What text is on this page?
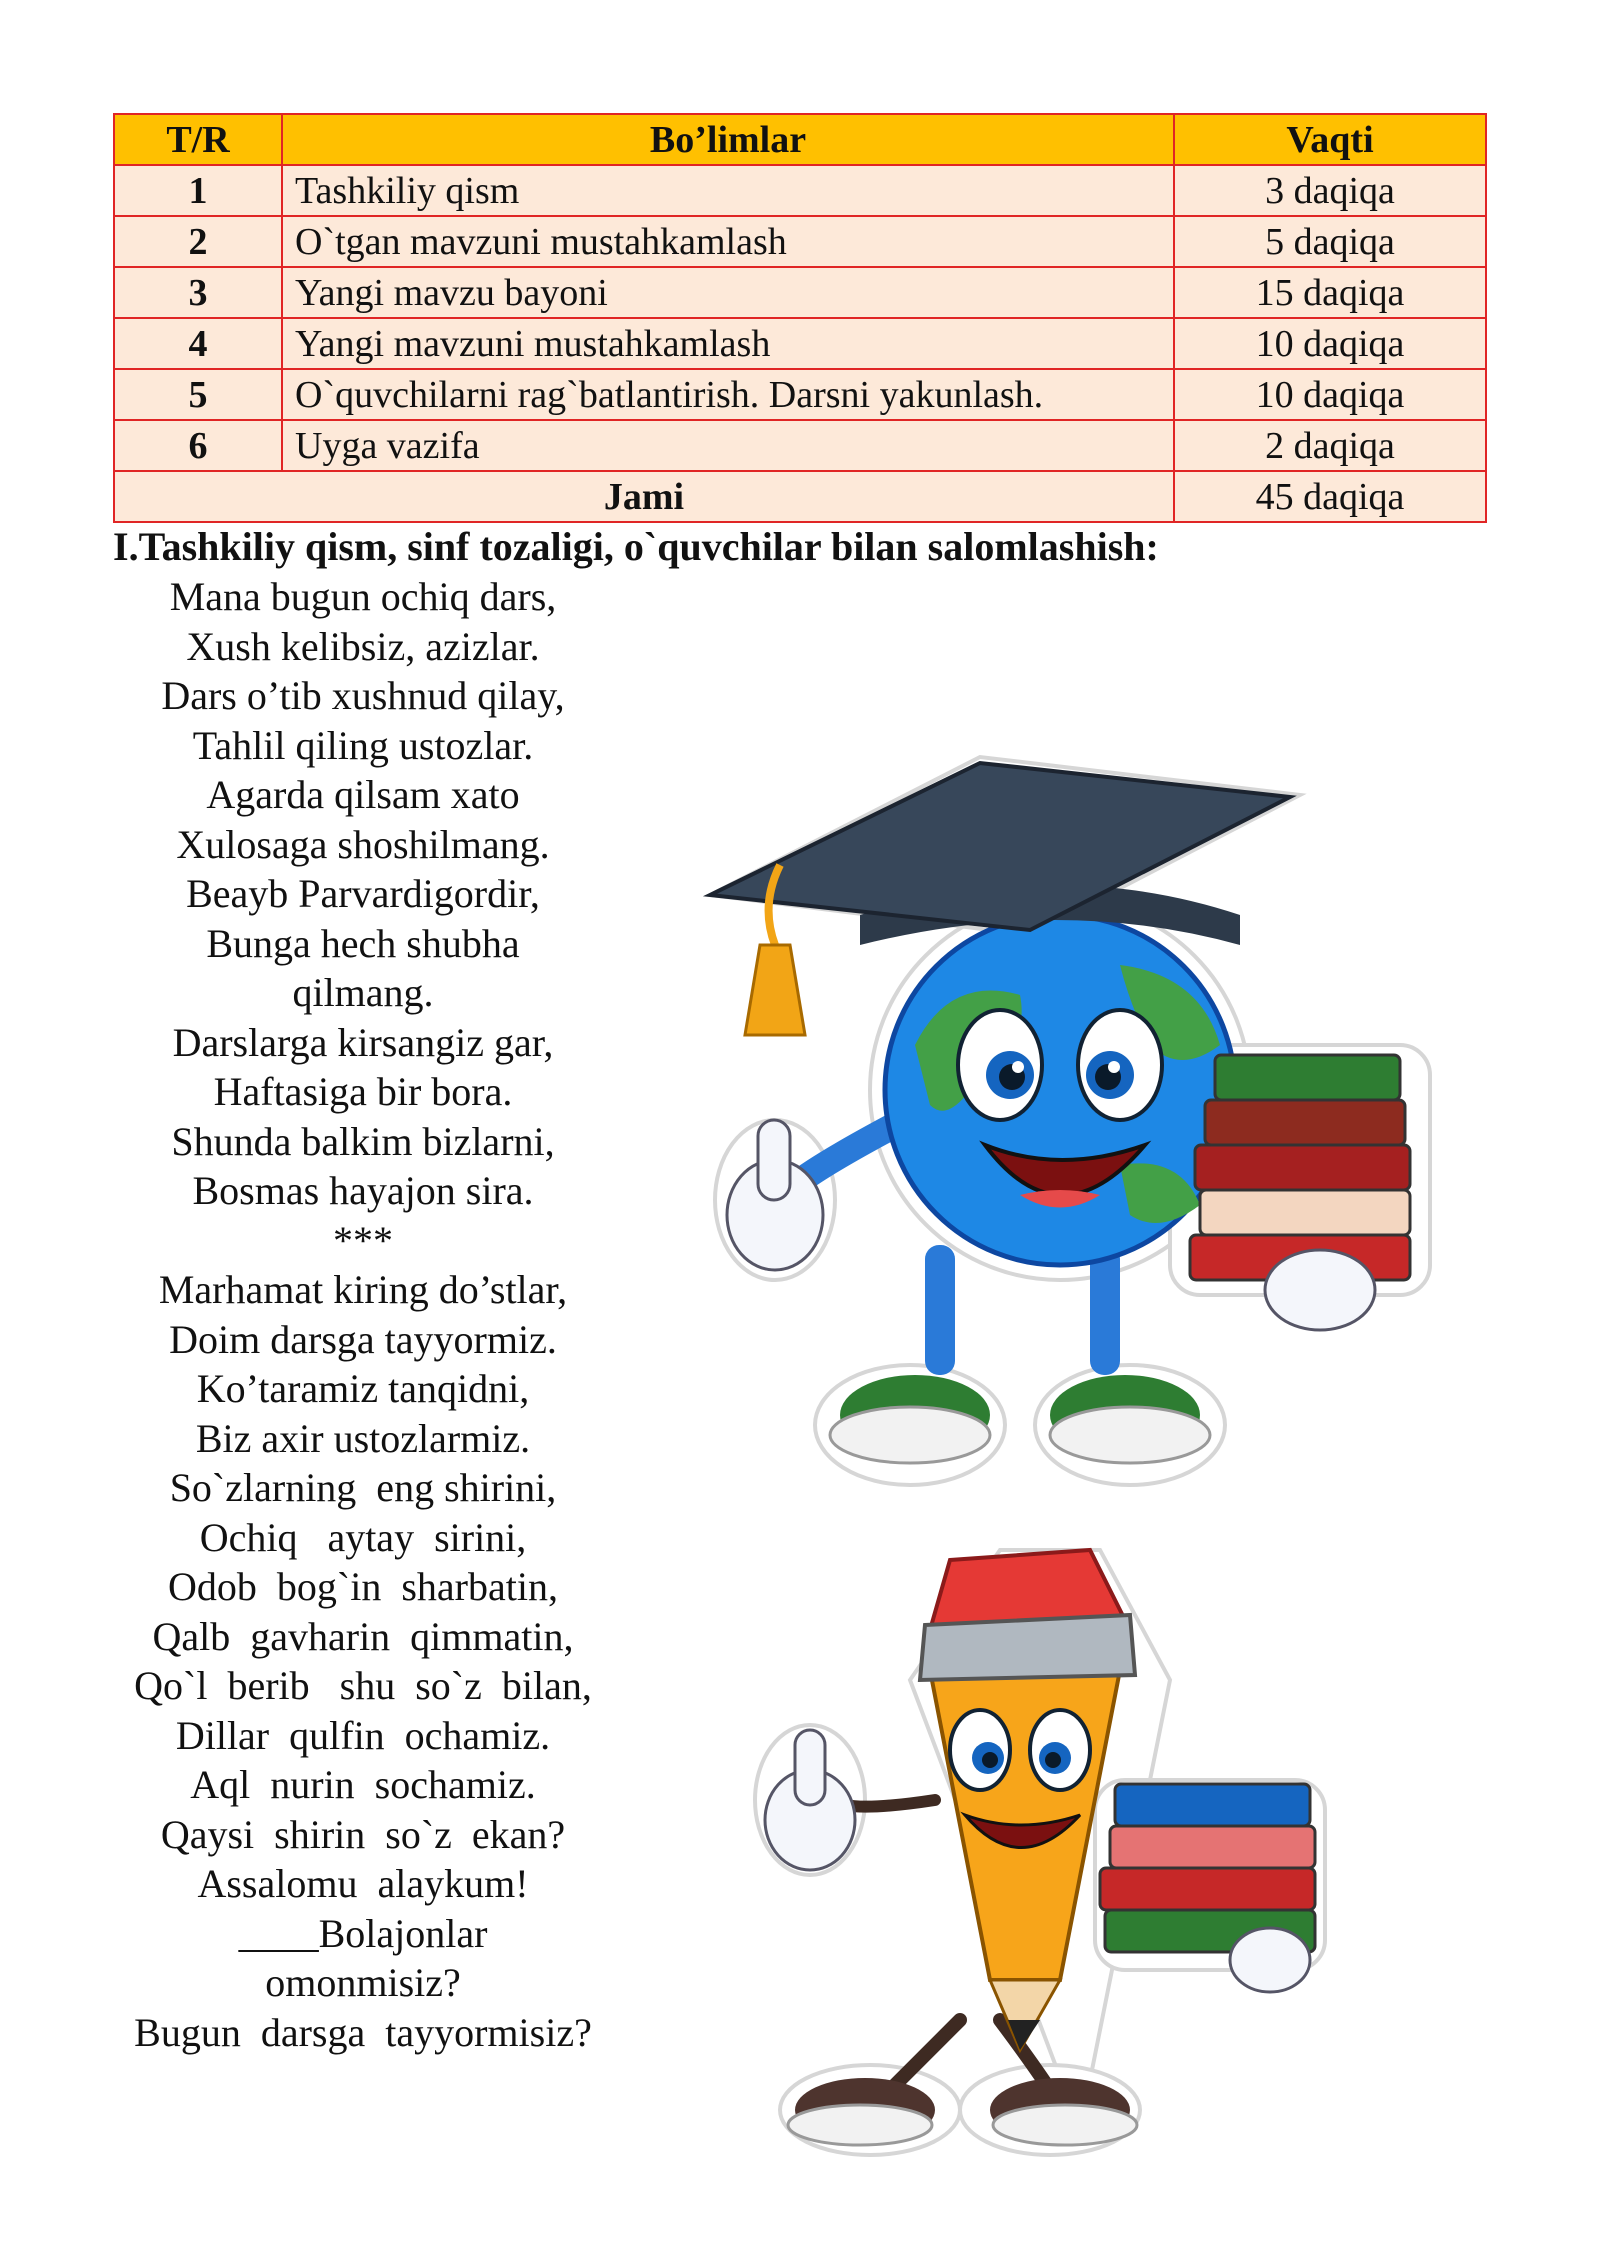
T/R	Bo’limlar	Vaqti
1	Tashkiliy qism	3 daqiqa
2	O`tgan mavzuni mustahkamlash	5 daqiqa
3	Yangi mavzu bayoni	15 daqiqa
4	Yangi mavzuni mustahkamlash	10 daqiqa
5	O`quvchilarni rag`batlantirish. Darsni yakunlash.	10 daqiqa
6	Uyga vazifa	2 daqiqa
Jami		45 daqiqa
I.Tashkiliy qism, sinf tozaligi, o`quvchilar bilan salomlashish:
Mana bugun ochiq dars,
Xush kelibsiz, azizlar.
Dars o’tib xushnud qilay,
Tahlil qiling ustozlar.
Agarda qilsam xato
Xulosaga shoshilmang.
Beayb Parvardigordir,
Bunga hech shubha
qilmang.
Darslarga kirsangiz gar,
Haftasiga bir bora.
Shunda balkim bizlarni,
Bosmas hayajon sira.
***
Marhamat kiring do’stlar,
Doim darsga tayyormiz.
Ko’taramiz tanqidni,
Biz axir ustozlarmiz.
So`zlarning  eng shirini,
Ochiq   aytay  sirini,
Odob  bog`in  sharbatin,
Qalb  gavharin  qimmatin,
Qo`l  berib   shu  so`z  bilan,
Dillar  qulfin  ochamiz.
Aql  nurin  sochamiz.
Qaysi  shirin  so`z  ekan?
Assalomu  alaykum!
____Bolajonlar
omonmisiz?
Bugun  darsga  tayyormisiz?
